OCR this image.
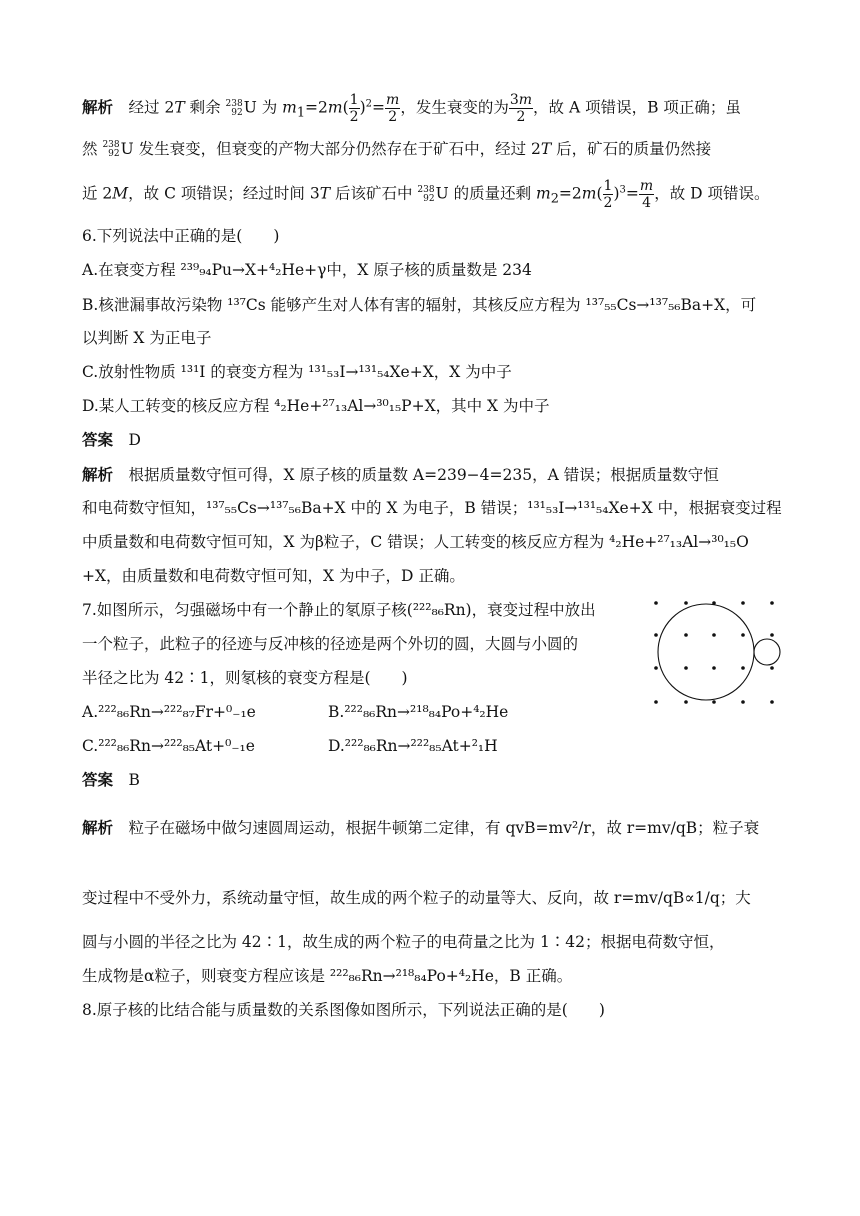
解析　经过 2T 剩余 238
92 U 为 $m_1=2m( \frac{1}{2} )^2= \frac{m}{2}$ ，发生衰变的为 $\frac{3m}{2}$ ，故 A 项错误，B 项正确；虽
然 238
92 U 发生衰变，但衰变的产物大部分仍然存在于矿石中，经过 2T 后，矿石的质量仍然接
近 2M，故 C 项错误；经过时间 3T 后该矿石中 238
92 U 的质量还剩 $m_2=2m( \frac{1}{2} )^3= \frac{m}{4}$ ，故 D 项错误。
6.下列说法中正确的是(　　)
A.在衰变方程 ²³⁹₉₄Pu→X+⁴₂He+γ中，X 原子核的质量数是 234
B.核泄漏事故污染物 ¹³⁷Cs 能够产生对人体有害的辐射，其核反应方程为 ¹³⁷₅₅Cs→¹³⁷₅₆Ba+X，可
以判断 X 为正电子
C.放射性物质 ¹³¹I 的衰变方程为 ¹³¹₅₃I→¹³¹₅₄Xe+X，X 为中子
D.某人工转变的核反应方程 ⁴₂He+²⁷₁₃Al→³⁰₁₅P+X，其中 X 为中子
答案　 D
解析　 根据质量数守恒可得，X 原子核的质量数 A=239−4=235，A 错误；根据质量数守恒
和电荷数守恒知，¹³⁷₅₅Cs→¹³⁷₅₆Ba+X 中的 X 为电子，B 错误；¹³¹₅₃I→¹³¹₅₄Xe+X 中，根据衰变过程
中质量数和电荷数守恒可知，X 为β粒子，C 错误；人工转变的核反应方程为 ⁴₂He+²⁷₁₃Al→³⁰₁₅O
+X，由质量数和电荷数守恒可知，X 为中子，D 正确。
7.如图所示，匀强磁场中有一个静止的氡原子核(²²²₈₆Rn)，衰变过程中放出
一个粒子，此粒子的径迹与反冲核的径迹是两个外切的圆，大圆与小圆的
半径之比为 42∶1，则氡核的衰变方程是(　　)
A.²²²₈₆Rn→²²²₈₇Fr+⁰₋₁e	B.²²²₈₆Rn→²¹⁸₈₄Po+⁴₂He
C.²²²₈₆Rn→²²²₈₅At+⁰₋₁e	D.²²²₈₆Rn→²²²₈₅At+²₁H
答案　 B
解析　 粒子在磁场中做匀速圆周运动，根据牛顿第二定律，有 qvB=mv²/r，故 r=mv/qB；粒子衰
变过程中不受外力，系统动量守恒，故生成的两个粒子的动量等大、反向，故 r=mv/qB∝1/q；大
圆与小圆的半径之比为 42∶1，故生成的两个粒子的电荷量之比为 1∶42；根据电荷数守恒，
生成物是α粒子，则衰变方程应该是 ²²²₈₆Rn→²¹⁸₈₄Po+⁴₂He，B 正确。
8.原子核的比结合能与质量数的关系图像如图所示，下列说法正确的是(　　)
